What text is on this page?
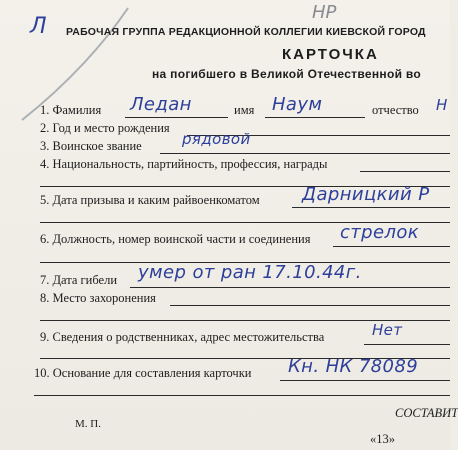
Л
НР
РАБОЧАЯ ГРУППА РЕДАКЦИОННОЙ КОЛЛЕГИИ КИЕВСКОЙ ГОРОД
КАРТОЧКА
на погибшего в Великой Отечественной во
1. Фамилия Ледан	имя Наум	отчество Н
2. Год и место рождения
3. Воинское звание	рядовой
4. Национальность, партийность, профессия, награды
5. Дата призыва и каким райвоенкоматом Дарницкий Р
6. Должность, номер воинской части и соединения стрелок
7. Дата гибели умер от ран 17.10.44г.
8. Место захоронения
9. Сведения о родственниках, адрес местожительства	Нет
10. Основание для составления карточки Кн. НК 78089
СОСТАВИТ
М. П.
«13»
